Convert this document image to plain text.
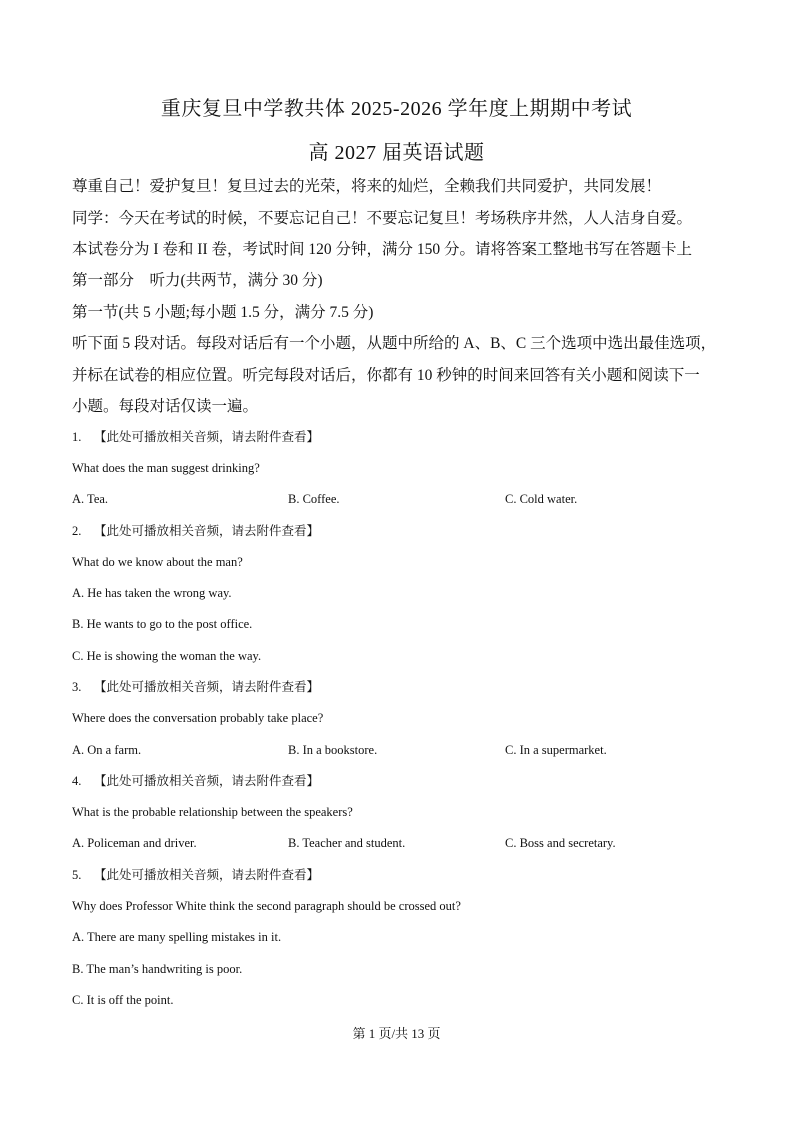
重庆复旦中学教共体 2025-2026 学年度上期期中考试
高 2027 届英语试题
尊重自己！爱护复旦！复旦过去的光荣，将来的灿烂，全赖我们共同爱护，共同发展！
同学：今天在考试的时候，不要忘记自己！不要忘记复旦！考场秩序井然，人人洁身自爱。
本试卷分为 I 卷和 II 卷，考试时间 120 分钟，满分 150 分。请将答案工整地书写在答题卡上
第一部分　听力(共两节，满分 30 分)
第一节(共 5 小题;每小题 1.5 分，满分 7.5 分)
听下面 5 段对话。每段对话后有一个小题，从题中所给的 A、B、C 三个选项中选出最佳选项，
并标在试卷的相应位置。听完每段对话后，你都有 10 秒钟的时间来回答有关小题和阅读下一
小题。每段对话仅读一遍。
1. 【此处可播放相关音频，请去附件查看】
What does the man suggest drinking?
A. Tea.	B. Coffee.	C. Cold water.
2. 【此处可播放相关音频，请去附件查看】
What do we know about the man?
A. He has taken the wrong way.
B. He wants to go to the post office.
C. He is showing the woman the way.
3. 【此处可播放相关音频，请去附件查看】
Where does the conversation probably take place?
A. On a farm.	B. In a bookstore.	C. In a supermarket.
4. 【此处可播放相关音频，请去附件查看】
What is the probable relationship between the speakers?
A. Policeman and driver.	B. Teacher and student.	C. Boss and secretary.
5. 【此处可播放相关音频，请去附件查看】
Why does Professor White think the second paragraph should be crossed out?
A. There are many spelling mistakes in it.
B. The man’s handwriting is poor.
C. It is off the point.
第 1 页/共 13 页
